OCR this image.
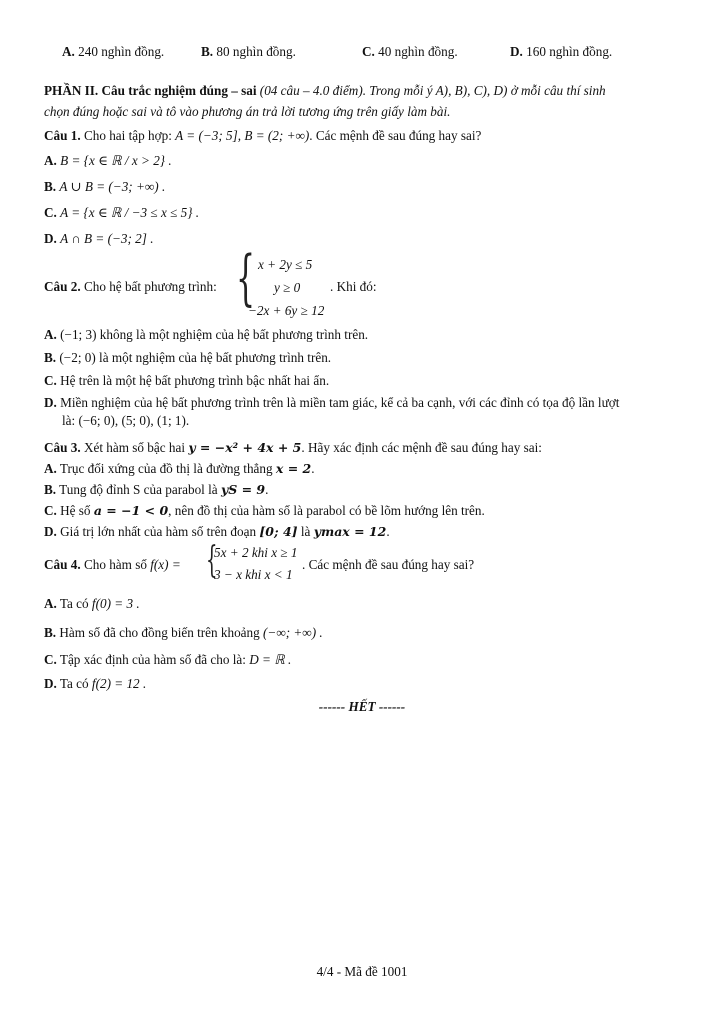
A. 240 nghìn đồng.	B. 80 nghìn đồng.	C. 40 nghìn đồng.	D. 160 nghìn đồng.
PHẦN II. Câu trắc nghiệm đúng – sai (04 câu – 4.0 điểm). Trong mỗi ý A), B), C), D) ở mỗi câu thí sinh
chọn đúng hoặc sai và tô vào phương án trả lời tương ứng trên giấy làm bài.
Câu 1. Cho hai tập hợp: A = (−3; 5], B = (2; +∞). Các mệnh đề sau đúng hay sai?
A. B = {x ∈ ℝ / x > 2} .
B. A ∪ B = (−3; +∞) .
C. A = {x ∈ ℝ / −3 ≤ x ≤ 5} .
D. A ∩ B = (−3; 2] .
Câu 2. Cho hệ bất phương trình: { x + 2y ≤ 5
y ≥ 0
−2x + 6y ≥ 12
. Khi đó:
A. (−1; 3) không là một nghiệm của hệ bất phương trình trên.
B. (−2; 0) là một nghiệm của hệ bất phương trình trên.
C. Hệ trên là một hệ bất phương trình bậc nhất hai ẩn.
D. Miền nghiệm của hệ bất phương trình trên là miền tam giác, kể cả ba cạnh, với các đỉnh có tọa độ lần lượt
là: (−6; 0), (5; 0), (1; 1).
Câu 3. Xét hàm số bậc hai y = −x² + 4x + 5. Hãy xác định các mệnh đề sau đúng hay sai:
A. Trục đối xứng của đồ thị là đường thẳng x = 2.
B. Tung độ đỉnh S của parabol là yS = 9.
C. Hệ số a = −1 < 0, nên đồ thị của hàm số là parabol có bề lõm hướng lên trên.
D. Giá trị lớn nhất của hàm số trên đoạn [0; 4] là ymax = 12.
Câu 4. Cho hàm số f(x) = {
5x + 2 khi x ≥ 1
3 − x khi x < 1
. Các mệnh đề sau đúng hay sai?
A. Ta có f(0) = 3 .
B. Hàm số đã cho đồng biến trên khoảng (−∞; +∞) .
C. Tập xác định của hàm số đã cho là: D = ℝ .
D. Ta có f(2) = 12 .
------ HẾT ------
4/4 - Mã đề 1001
